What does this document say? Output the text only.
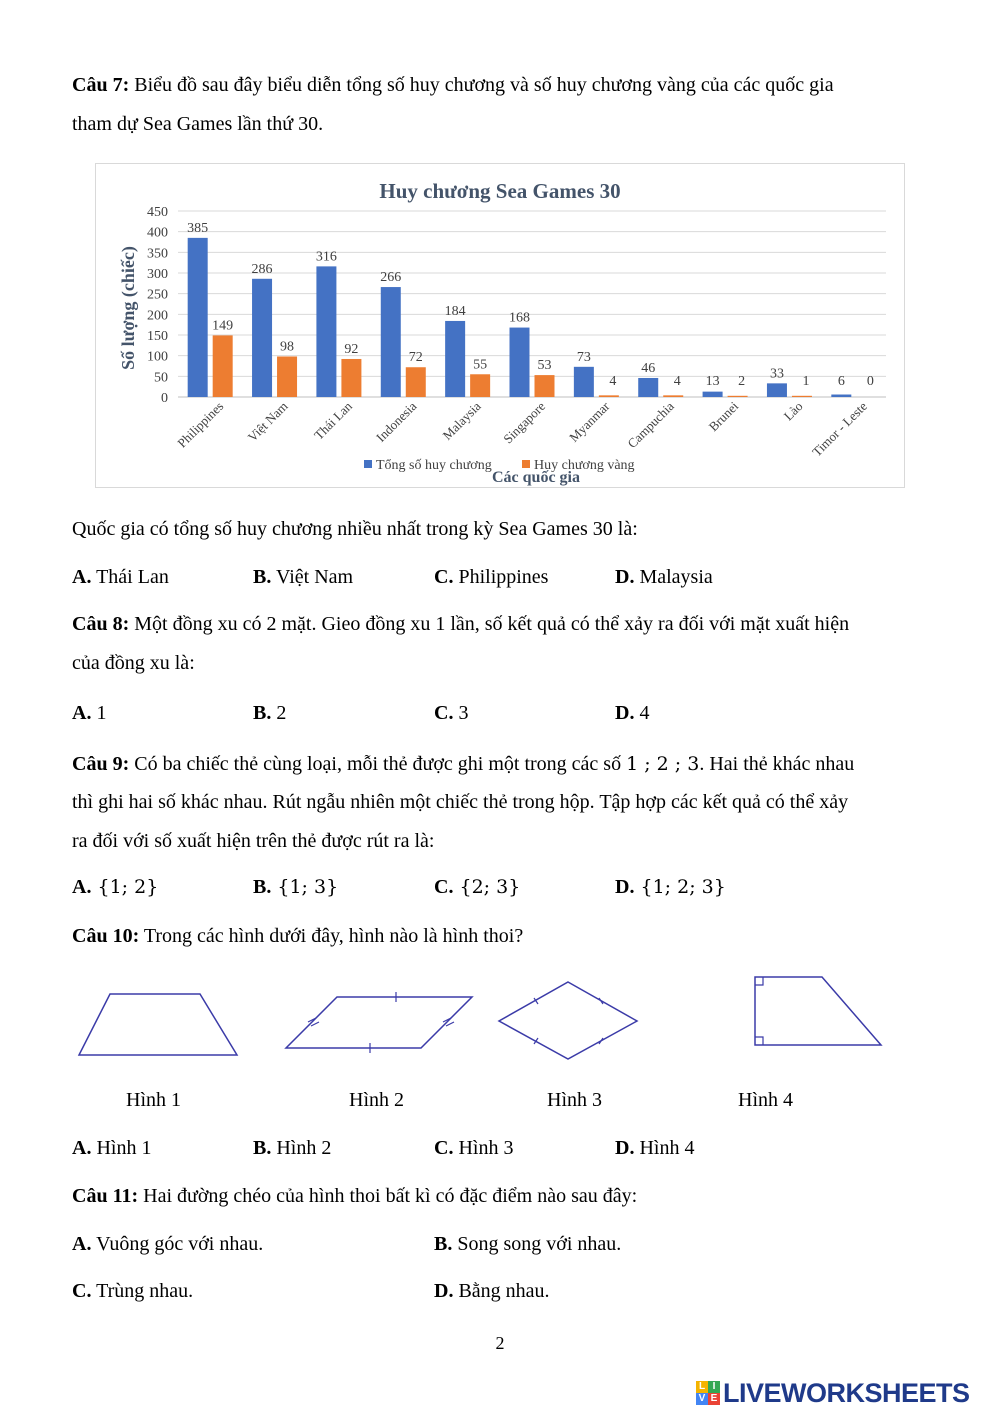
Câu 7: Biểu đồ sau đây biểu diễn tổng số huy chương và số huy chương vàng của các quốc gia
tham dự Sea Games lần thứ 30.
Huy chương Sea Games 30
0
50
100
150
200
250
300
350
400
450
Số lượng (chiếc)
385
149
Philippines
286
98
Việt Nam
316
92
Thái Lan
266
72
Indonesia
184
55
Malaysia
168
53
Singapore
73
4
Myanmar
46
4
Campuchia
13 2
Brunei
33
1
Lào
6 0
Timor - Leste
Các quốc gia
Tổng số huy chương	Huy chương vàng
Quốc gia có tổng số huy chương nhiều nhất trong kỳ Sea Games 30 là:
A. Thái Lan	B. Việt Nam	C. Philippines	D. Malaysia
Câu 8: Một đồng xu có 2 mặt. Gieo đồng xu 1 lần, số kết quả có thể xảy ra đối với mặt xuất hiện
của đồng xu là:
A. 1	B. 2	C. 3	D. 4
Câu 9: Có ba chiếc thẻ cùng loại, mỗi thẻ được ghi một trong các số 1 ; 2 ; 3. Hai thẻ khác nhau
thì ghi hai số khác nhau. Rút ngẫu nhiên một chiếc thẻ trong hộp. Tập hợp các kết quả có thể xảy
ra đối với số xuất hiện trên thẻ được rút ra là:
A. {1; 2}	B. {1; 3}	C. {2; 3}	D. {1; 2; 3}
Câu 10: Trong các hình dưới đây, hình nào là hình thoi?
Hình 1	Hình 2	Hình 3	Hình 4
A. Hình 1	B. Hình 2	C. Hình 3	D. Hình 4
Câu 11: Hai đường chéo của hình thoi bất kì có đặc điểm nào sau đây:
A. Vuông góc với nhau.	B. Song song với nhau.
C. Trùng nhau.	D. Bằng nhau.
2
L I
V E LIVEWORKSHEETS
